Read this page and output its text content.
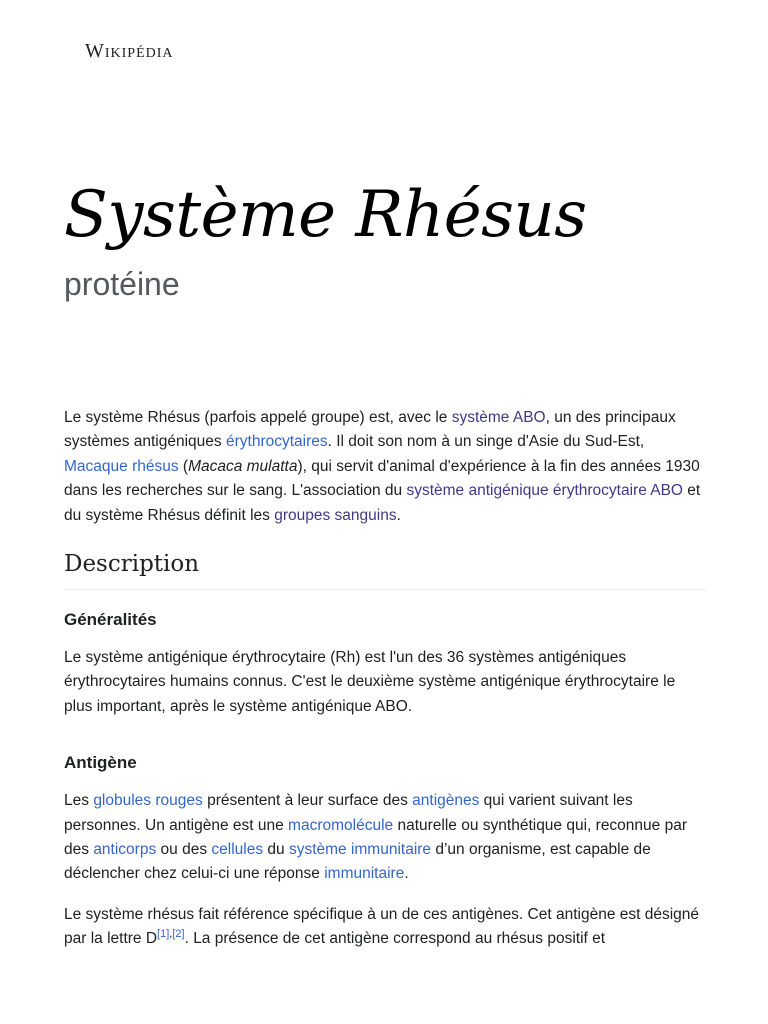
Wikipédia
Système Rhésus
protéine

Le système Rhésus (parfois appelé groupe) est, avec le système ABO, un des principaux systèmes antigéniques érythrocytaires. Il doit son nom à un singe d'Asie du Sud-Est, Macaque rhésus (Macaca mulatta), qui servit d'animal d'expérience à la fin des années 1930 dans les recherches sur le sang. L'association du système antigénique érythrocytaire ABO et du système Rhésus définit les groupes sanguins.

Description
Généralités

Le système antigénique érythrocytaire (Rh) est l'un des 36 systèmes antigéniques érythrocytaires humains connus. C'est le deuxième système antigénique érythrocytaire le plus important, après le système antigénique ABO.

Antigène

Les globules rouges présentent à leur surface des antigènes qui varient suivant les personnes. Un antigène est une macromolécule naturelle ou synthétique qui, reconnue par des anticorps ou des cellules du système immunitaire d’un organisme, est capable de déclencher chez celui-ci une réponse immunitaire.

Le système rhésus fait référence spécifique à un de ces antigènes. Cet antigène est désigné par la lettre D[1],[2]. La présence de cet antigène correspond au rhésus positif et
